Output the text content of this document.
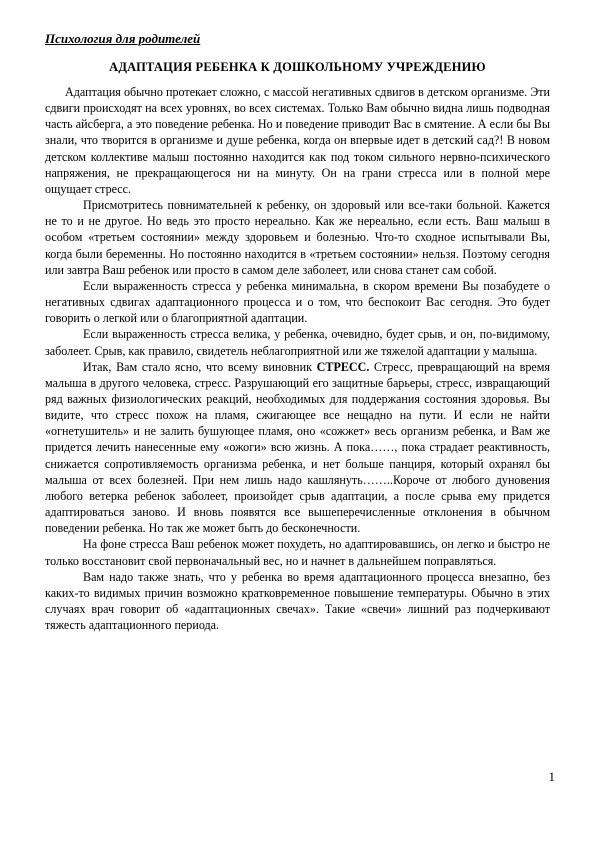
Психология для родителей
АДАПТАЦИЯ РЕБЕНКА К ДОШКОЛЬНОМУ УЧРЕЖДЕНИЮ

Адаптация обычно протекает сложно, с массой негативных сдвигов в детском организме. Эти сдвиги происходят на всех уровнях, во всех системах. Только Вам обычно видна лишь подводная часть айсберга, а это поведение ребенка. Но и поведение приводит Вас в смятение. А если бы Вы знали, что творится в организме и душе ребенка, когда он впервые идет в детский сад?! В новом детском коллективе малыш постоянно находится как под током сильного нервно-психического напряжения, не прекращающегося ни на минуту. Он на грани стресса или в полной мере ощущает стресс.

Присмотритесь повнимательней к ребенку, он здоровый или все-таки больной. Кажется не то и не другое. Но ведь это просто нереально. Как же нереально, если есть. Ваш малыш в особом «третьем состоянии» между здоровьем и болезнью. Что-то сходное испытывали Вы, когда были беременны. Но постоянно находится в «третьем состоянии» нельзя. Поэтому сегодня или завтра Ваш ребенок или просто в самом деле заболеет, или снова станет сам собой.

Если выраженность стресса у ребенка минимальна, в скором времени Вы позабудете о негативных сдвигах адаптационного процесса и о том, что беспокоит Вас сегодня. Это будет говорить о легкой или о благоприятной адаптации.

Если выраженность стресса велика, у ребенка, очевидно, будет срыв, и он, по-видимому, заболеет. Срыв, как правило, свидетель неблагоприятной или же тяжелой адаптации у малыша.

Итак, Вам стало ясно, что всему виновник СТРЕСС. Стресс, превращающий на время малыша в другого человека, стресс. Разрушающий его защитные барьеры, стресс, извращающий ряд важных физиологических реакций, необходимых для поддержания состояния здоровья. Вы видите, что стресс похож на пламя, сжигающее все нещадно на пути. И если не найти «огнетушитель» и не залить бушующее пламя, оно «сожжет» весь организм ребенка, и Вам же придется лечить нанесенные ему «ожоги» всю жизнь. А пока……, пока страдает реактивность, снижается сопротивляемость организма ребенка, и нет больше панциря, который охранял бы малыша от всех болезней. При нем лишь надо кашлянуть……..Короче от любого дуновения любого ветерка ребенок заболеет, произойдет срыв адаптации, а после срыва ему придется адаптироваться заново. И вновь появятся все вышеперечисленные отклонения в обычном поведении ребенка. Но так же может быть до бесконечности.

На фоне стресса Ваш ребенок может похудеть, но адаптировавшись, он легко и быстро не только восстановит свой первоначальный вес, но и начнет в дальнейшем поправляться.

Вам надо также знать, что у ребенка во время адаптационного процесса внезапно, без каких-то видимых причин возможно кратковременное повышение температуры. Обычно в этих случаях врач говорит об «адаптационных свечах». Такие «свечи» лишний раз подчеркивают тяжесть адаптационного периода.

1
